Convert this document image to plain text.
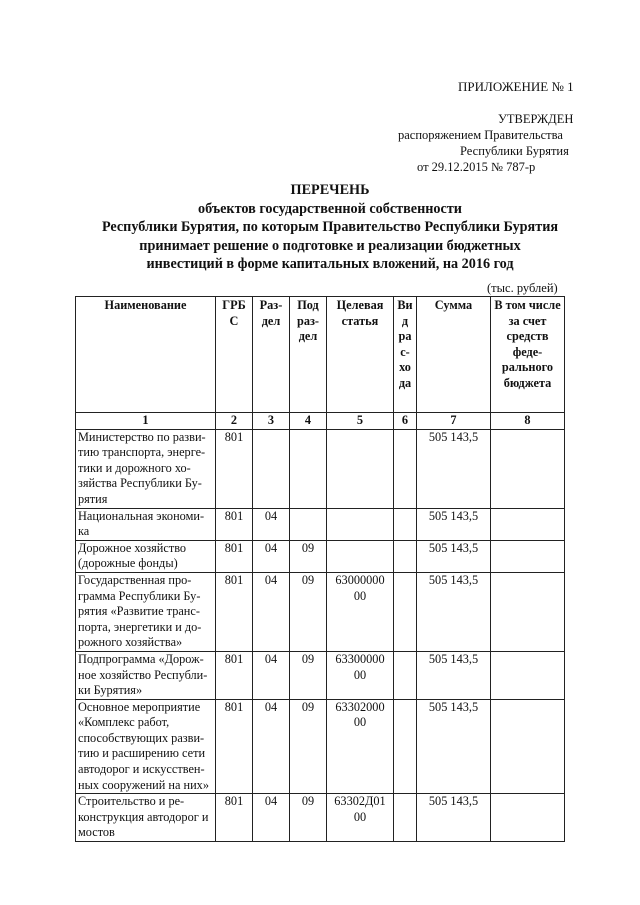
ПРИЛОЖЕНИЕ № 1
УТВЕРЖДЕН
распоряжением Правительства
Республики Бурятия
от 29.12.2015 № 787-р
ПЕРЕЧЕНЬ
объектов государственной собственности
Республики Бурятия, по которым Правительство Республики Бурятия
принимает решение о подготовке и реализации бюджетных
инвестиций в форме капитальных вложений, на 2016 год
(тыс. рублей)
Наименование	ГРБ С	Раз-дел	Под раз-дел	Целевая статья	Ви д ра с-хо да	Сумма	В том числе за счет средств феде-рального бюджета
1	2	3	4	5	6	7	8
Министерство по разви-тию транспорта, энерге-тики и дорожного хо-зяйства Республики Бу-рятия	801					505 143,5	
Национальная экономи-ка	801	04				505 143,5	
Дорожное хозяйство (дорожные фонды)	801	04	09			505 143,5	
Государственная про-грамма Республики Бу-рятия «Развитие транс-порта, энергетики и до-рожного хозяйства»	801	04	09	63000000 00		505 143,5	
Подпрограмма «Дорож-ное хозяйство Республи-ки Бурятия»	801	04	09	63300000 00		505 143,5	
Основное мероприятие «Комплекс работ, способствующих разви-тию и расширению сети автодорог и искусствен-ных сооружений на них»	801	04	09	63302000 00		505 143,5	
Строительство и ре-конструкция автодорог и мостов	801	04	09	63302Д01 00		505 143,5	
